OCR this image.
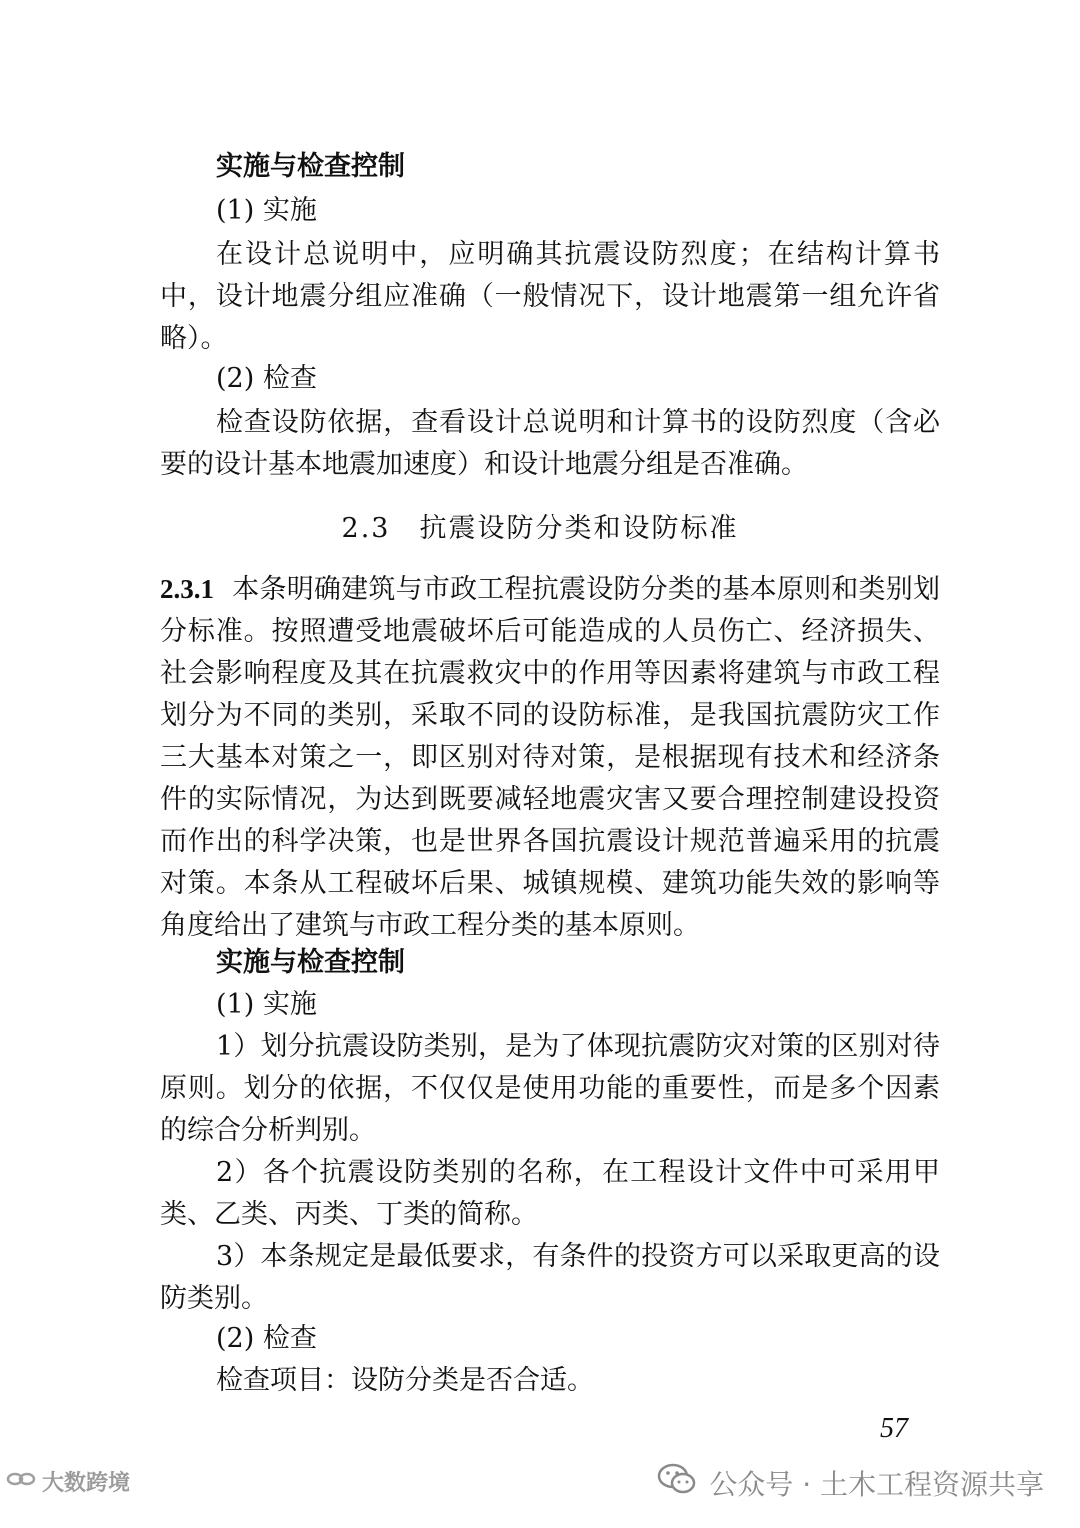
实施与检查控制

(1) 实施

在设计总说明中，应明确其抗震设防烈度；在结构计算书中，设计地震分组应准确（一般情况下，设计地震第一组允许省略）。

(2) 检查

检查设防依据，查看设计总说明和计算书的设防烈度（含必要的设计基本地震加速度）和设计地震分组是否准确。

2.3　抗震设防分类和设防标准

2.3.1 本条明确建筑与市政工程抗震设防分类的基本原则和类别划分标准。按照遭受地震破坏后可能造成的人员伤亡、经济损失、社会影响程度及其在抗震救灾中的作用等因素将建筑与市政工程划分为不同的类别，采取不同的设防标准，是我国抗震防灾工作三大基本对策之一，即区别对待对策，是根据现有技术和经济条件的实际情况，为达到既要减轻地震灾害又要合理控制建设投资而作出的科学决策，也是世界各国抗震设计规范普遍采用的抗震对策。本条从工程破坏后果、城镇规模、建筑功能失效的影响等角度给出了建筑与市政工程分类的基本原则。

实施与检查控制

(1) 实施

1）划分抗震设防类别，是为了体现抗震防灾对策的区别对待原则。划分的依据，不仅仅是使用功能的重要性，而是多个因素的综合分析判别。

2）各个抗震设防类别的名称，在工程设计文件中可采用甲类、乙类、丙类、丁类的简称。

3）本条规定是最低要求，有条件的投资方可以采取更高的设防类别。

(2) 检查

检查项目：设防分类是否合适。

57
大数跨境	公众号 · 土木工程资源共享
